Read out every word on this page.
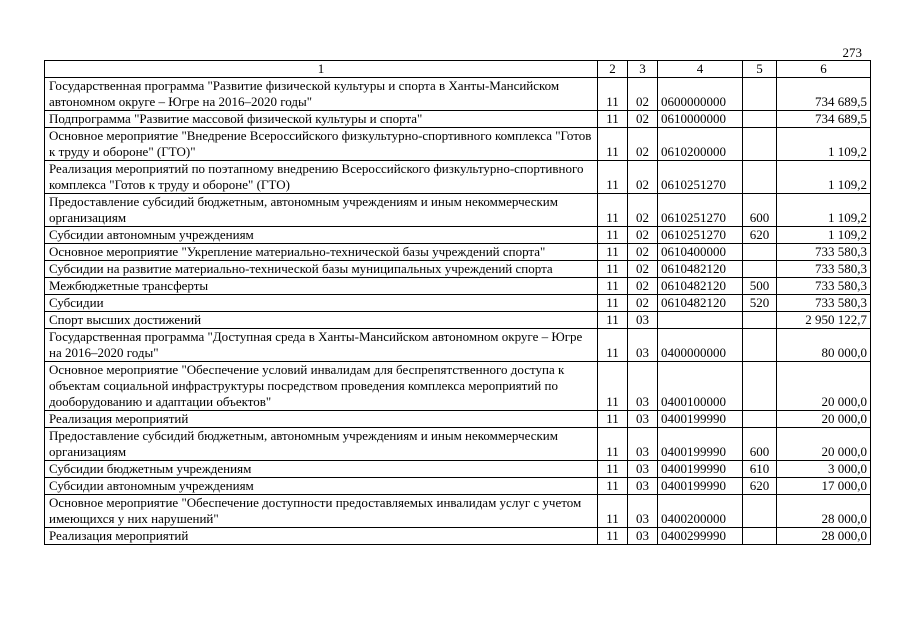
273
1	2	3	4	5	6
Государственная программа "Развитие физической культуры и спорта в Ханты-Мансийском автономном округе – Югре на 2016–2020 годы"	11	02	0600000000		734 689,5
Подпрограмма "Развитие массовой физической культуры и спорта"	11	02	0610000000		734 689,5
Основное мероприятие "Внедрение Всероссийского физкультурно-спортивного комплекса "Готов к труду и обороне" (ГТО)"	11	02	0610200000		1 109,2
Реализация мероприятий по поэтапному внедрению Всероссийского физкультурно-спортивного комплекса "Готов к труду и обороне" (ГТО)	11	02	0610251270		1 109,2
Предоставление субсидий бюджетным, автономным учреждениям и иным некоммерческим организациям	11	02	0610251270	600	1 109,2
Субсидии автономным учреждениям	11	02	0610251270	620	1 109,2
Основное мероприятие "Укрепление материально-технической базы учреждений спорта"	11	02	0610400000		733 580,3
Субсидии на развитие материально-технической базы муниципальных учреждений спорта	11	02	0610482120		733 580,3
Межбюджетные трансферты	11	02	0610482120	500	733 580,3
Субсидии	11	02	0610482120	520	733 580,3
Спорт высших достижений	11	03			2 950 122,7
Государственная программа "Доступная среда в Ханты-Мансийском автономном округе – Югре на 2016–2020 годы"	11	03	0400000000		80 000,0
Основное мероприятие "Обеспечение условий инвалидам для беспрепятственного доступа к объектам социальной инфраструктуры посредством проведения комплекса мероприятий по дооборудованию и адаптации объектов"	11	03	0400100000		20 000,0
Реализация мероприятий	11	03	0400199990		20 000,0
Предоставление субсидий бюджетным, автономным учреждениям и иным некоммерческим организациям	11	03	0400199990	600	20 000,0
Субсидии бюджетным учреждениям	11	03	0400199990	610	3 000,0
Субсидии автономным учреждениям	11	03	0400199990	620	17 000,0
Основное мероприятие "Обеспечение доступности предоставляемых инвалидам услуг с учетом имеющихся у них нарушений"	11	03	0400200000		28 000,0
Реализация мероприятий	11	03	0400299990		28 000,0
